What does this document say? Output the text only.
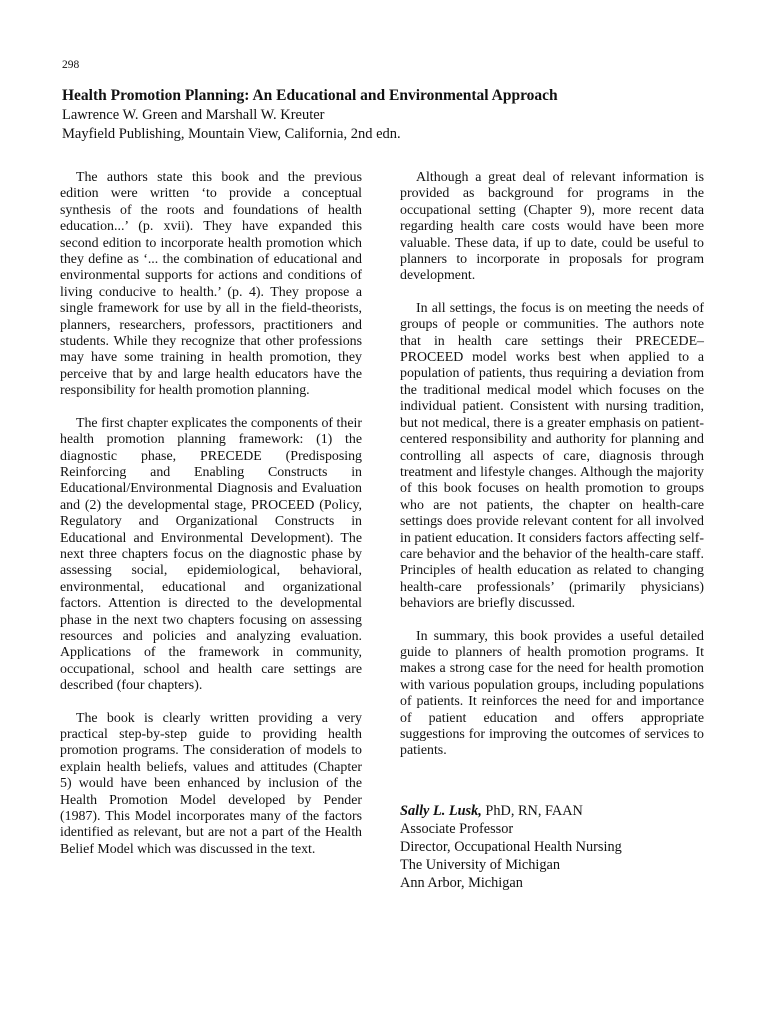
298
Health Promotion Planning: An Educational and Environmental Approach
Lawrence W. Green and Marshall W. Kreuter
Mayfield Publishing, Mountain View, California, 2nd edn.

The authors state this book and the previous edition were written ‘to provide a conceptual synthesis of the roots and foundations of health education...’ (p. xvii). They have expanded this second edition to incorporate health promotion which they define as ‘... the combination of educational and environmental supports for actions and conditions of living conducive to health.’ (p. 4). They propose a single framework for use by all in the field-theorists, planners, researchers, professors, practitioners and students. While they recognize that other professions may have some training in health promotion, they perceive that by and large health educators have the responsibility for health promotion planning.

The first chapter explicates the components of their health promotion planning framework: (1) the diagnostic phase, PRECEDE (Predisposing Reinforcing and Enabling Constructs in Educational/Environmental Diagnosis and Evaluation and (2) the developmental stage, PROCEED (Policy, Regulatory and Organizational Constructs in Educational and Environmental Development). The next three chapters focus on the diagnostic phase by assessing social, epidemiological, behavioral, environmental, educational and organizational factors. Attention is directed to the developmental phase in the next two chapters focusing on assessing resources and policies and analyzing evaluation. Applications of the framework in community, occupational, school and health care settings are described (four chapters).

The book is clearly written providing a very practical step-by-step guide to providing health promotion programs. The consideration of models to explain health beliefs, values and attitudes (Chapter 5) would have been enhanced by inclusion of the Health Promotion Model developed by Pender (1987). This Model incorporates many of the factors identified as relevant, but are not a part of the Health Belief Model which was discussed in the text.

Although a great deal of relevant information is provided as background for programs in the occupational setting (Chapter 9), more recent data regarding health care costs would have been more valuable. These data, if up to date, could be useful to planners to incorporate in proposals for program development.

In all settings, the focus is on meeting the needs of groups of people or communities. The authors note that in health care settings their PRECEDE–PROCEED model works best when applied to a population of patients, thus requiring a deviation from the traditional medical model which focuses on the individual patient. Consistent with nursing tradition, but not medical, there is a greater emphasis on patient-centered responsibility and authority for planning and controlling all aspects of care, diagnosis through treatment and lifestyle changes. Although the majority of this book focuses on health promotion to groups who are not patients, the chapter on health-care settings does provide relevant content for all involved in patient education. It considers factors affecting self-care behavior and the behavior of the health-care staff. Principles of health education as related to changing health-care professionals’ (primarily physicians) behaviors are briefly discussed.

In summary, this book provides a useful detailed guide to planners of health promotion programs. It makes a strong case for the need for health promotion with various population groups, including populations of patients. It reinforces the need for and importance of patient education and offers appropriate suggestions for improving the outcomes of services to patients.

Sally L. Lusk, PhD, RN, FAAN
Associate Professor
Director, Occupational Health Nursing
The University of Michigan
Ann Arbor, Michigan
